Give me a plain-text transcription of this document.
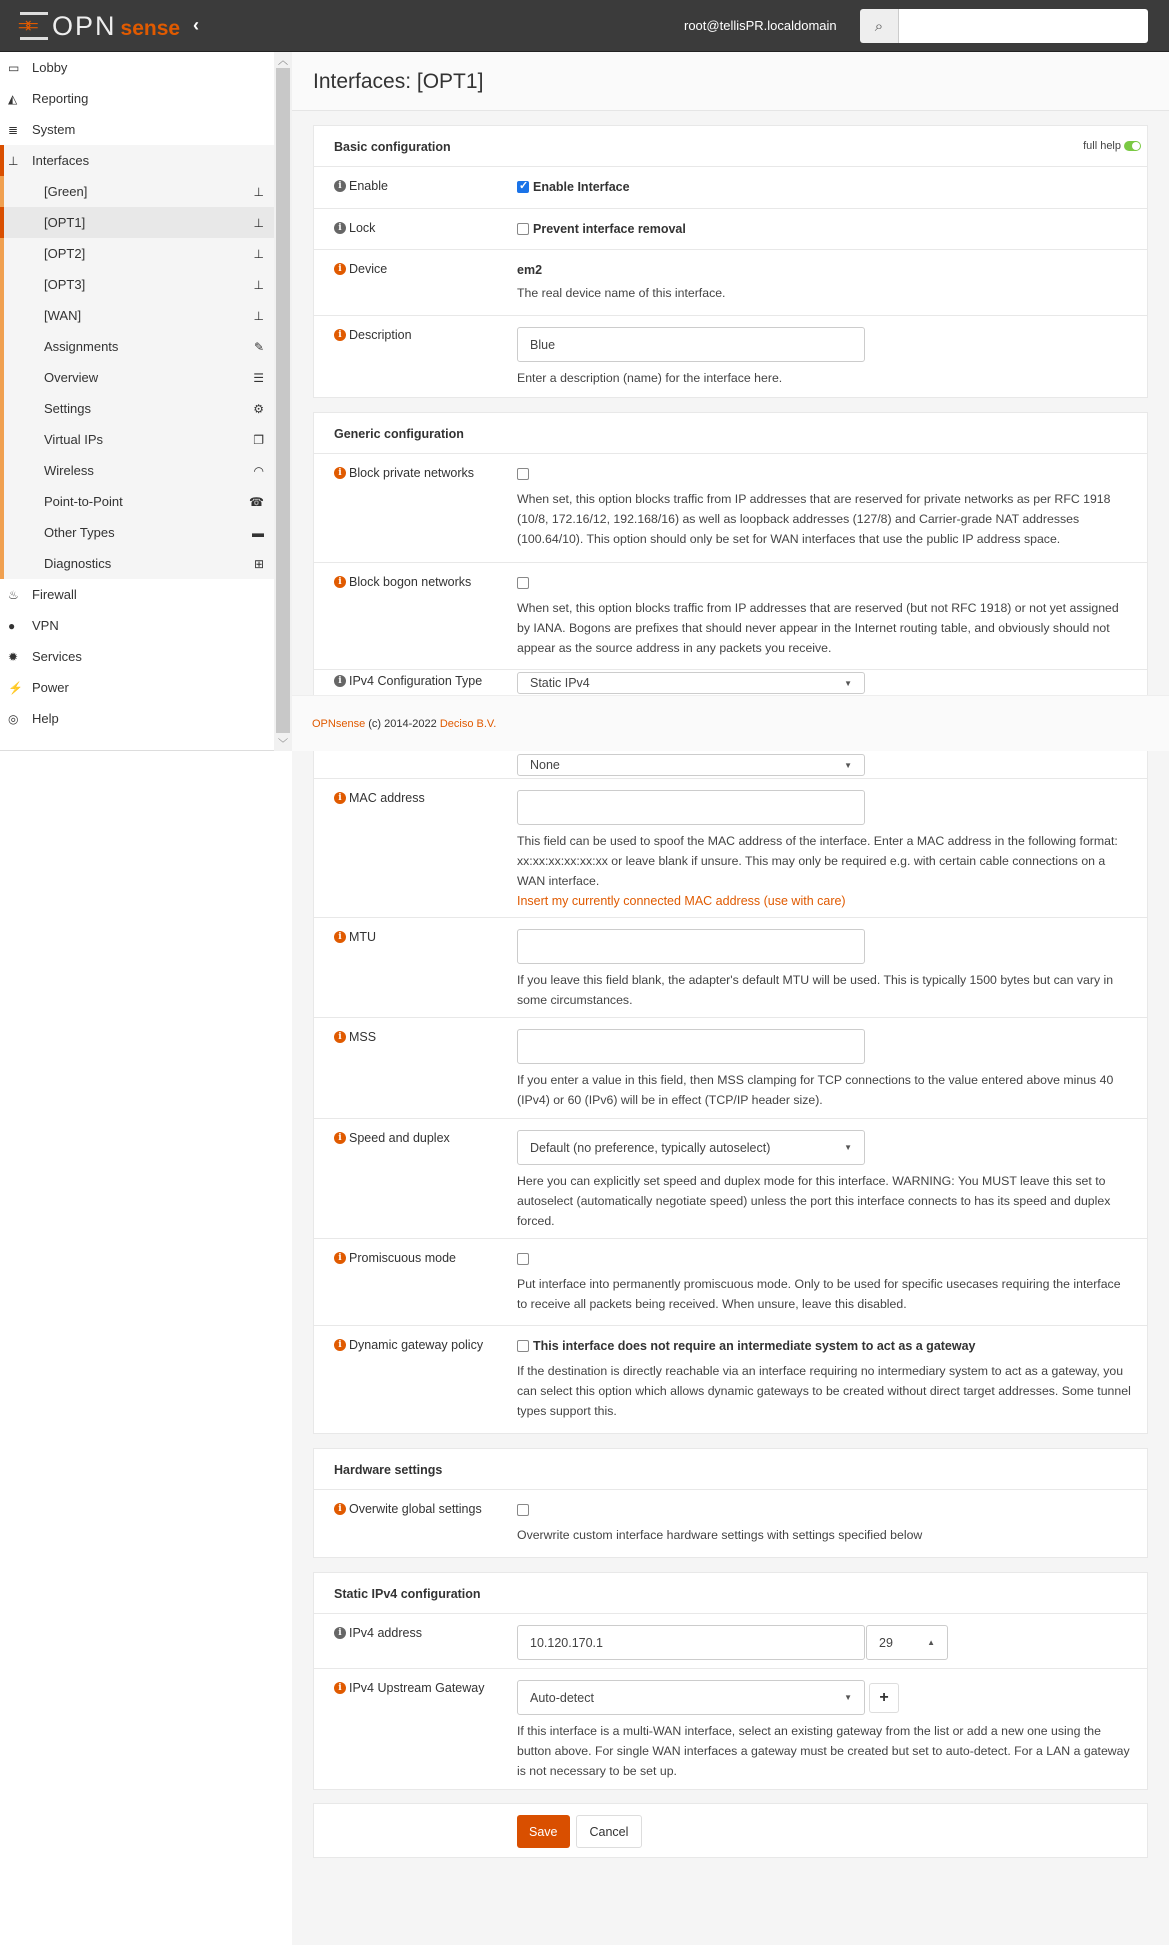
⇉⇇
OPN sense ‹	root@tellisPR.localdomain	⌕
▭ Lobby
◭	Reporting
≣	System
⊥	Interfaces
[Green]	⊥
[OPT1]	⊥
[OPT2]	⊥
[OPT3]	⊥
[WAN]	⊥
Assignments	✎
Overview	☰
Settings	⚙
Virtual IPs	❐
Wireless	◠
Point-to-Point	☎
Other Types	▬
Diagnostics	⊞
♨	Firewall
●	VPN
✹	Services
⚡ Power
◎	Help
︿
﹀
Interfaces: [OPT1]
Basic configuration	full help
i Enable ✓	Enable Interface
i Lock	Prevent interface removal
i Device	em2
The real device name of this interface.
i Description
Blue
Enter a description (name) for the interface here.
Generic configuration
i Block private networks
When set, this option blocks traffic from IP addresses that are reserved for private networks as per RFC 1918 (10/8, 172.16/12, 192.168/16) as well as loopback addresses (127/8) and Carrier-grade NAT addresses (100.64/10). This option should only be set for WAN interfaces that use the public IP address space.
i Block bogon networks
When set, this option blocks traffic from IP addresses that are reserved (but not RFC 1918) or not yet assigned by IANA. Bogons are prefixes that should never appear in the Internet routing table, and obviously should not appear as the source address in any packets you receive.
i IPv4 Configuration Type	Static IPv4	▼
None	▼
i MAC address
This field can be used to spoof the MAC address of the interface. Enter a MAC address in the following format: xx:xx:xx:xx:xx:xx or leave blank if unsure. This may only be required e.g. with certain cable connections on a WAN interface.
Insert my currently connected MAC address (use with care)
i MTU
If you leave this field blank, the adapter's default MTU will be used. This is typically 1500 bytes but can vary in some circumstances.
i MSS
If you enter a value in this field, then MSS clamping for TCP connections to the value entered above minus 40 (IPv4) or 60 (IPv6) will be in effect (TCP/IP header size).
i Speed and duplex
Default (no preference, typically autoselect)	▼
Here you can explicitly set speed and duplex mode for this interface. WARNING: You MUST leave this set to autoselect (automatically negotiate speed) unless the port this interface connects to has its speed and duplex forced.
i Promiscuous mode
Put interface into permanently promiscuous mode. Only to be used for specific usecases requiring the interface to receive all packets being received. When unsure, leave this disabled.
i Dynamic gateway policy	This interface does not require an intermediate system to act as a gateway
If the destination is directly reachable via an interface requiring no intermediary system to act as a gateway, you can select this option which allows dynamic gateways to be created without direct target addresses. Some tunnel types support this.
Hardware settings
i Overwite global settings
Overwrite custom interface hardware settings with settings specified below
Static IPv4 configuration
i IPv4 address
10.120.170.1	29	▲
i IPv4 Upstream Gateway
Auto-detect	▼	+
If this interface is a multi-WAN interface, select an existing gateway from the list or add a new one using the button above. For single WAN interfaces a gateway must be created but set to auto-detect. For a LAN a gateway is not necessary to be set up.
Save	Cancel
OPNsense (c) 2014-2022 Deciso B.V.
